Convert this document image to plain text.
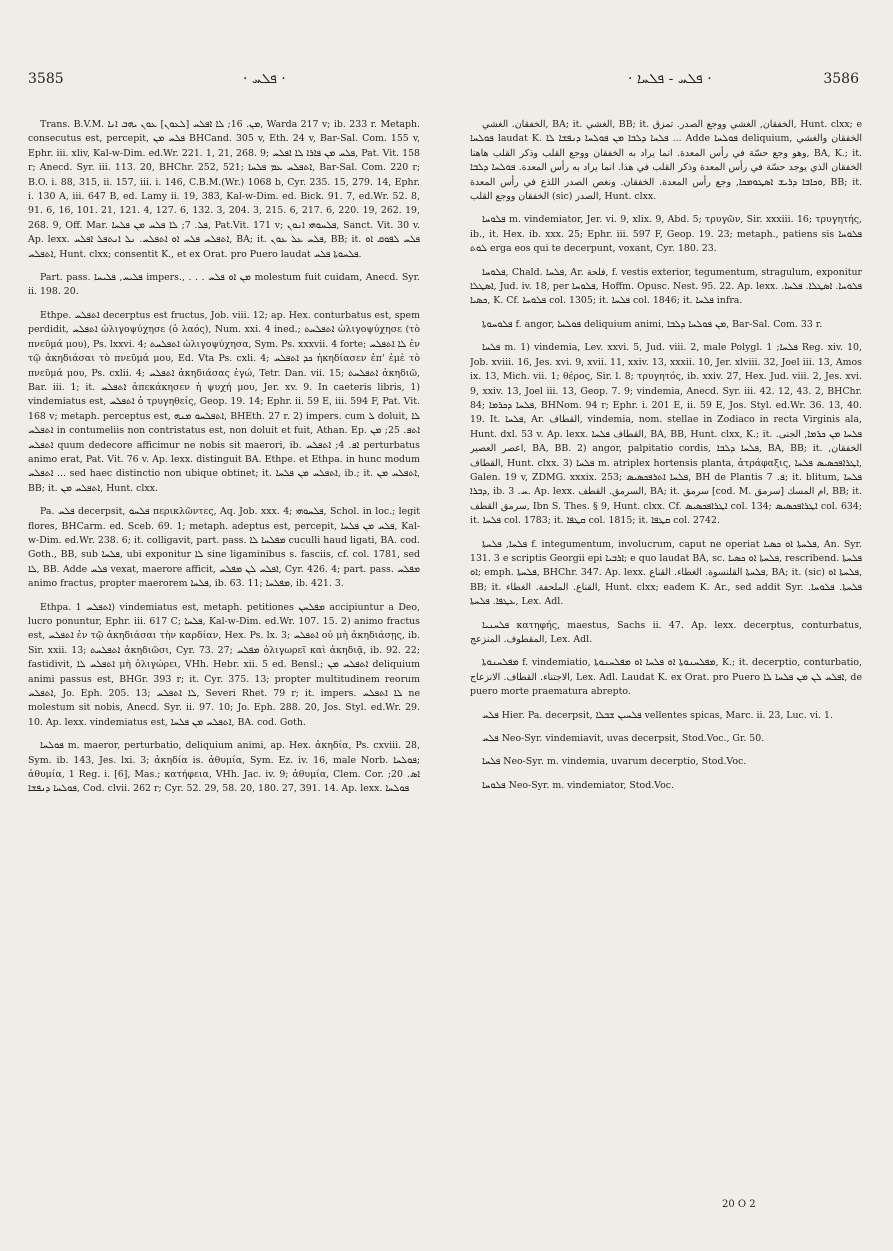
3585	· ܦܠܚ ·	· ܦܠܚ - ܦܠܚܐ ·	3586

Trans. B.V.M. ܡܢ. 16; ܠܐ ܐܦܠܚ [ܠܥܘܢ] ܥܘܢ ܝܗܒ ܐܢܐ, Warda 217 v; ib. 233 r. Metaph. consecutus est, percepit, ܦܠܚ ܡܢ BHCand. 305 v, Eth. 24 v, Bar-Sal. Com. 155 v, Ephr. iii. xliv, Kal-w-Dim. ed.Wr. 221. 1, 21, 268. 9; ܦܠܚ ܡܢ ܦܐܪܐ ܠܐ ܐܦܠܚ, Pat. Vit. 158 r; Anecd. Syr. iii. 113. 20, BHChr. 252, 521; ܐܬܦܠܚ ܥܡ ܦܠܚܐ, Bar-Sal. Com. 220 r; B.O. i. 88, 315, ii. 157, iii. i. 146, C.B.M.(Wr.) 1068 b, Cyr. 235. 15, 279. 14, Ephr. i. 130 A, iii. 647 B, ed. Lamy ii. 19, 383, Kal-w-Dim. ed. Bick. 91. 7, ed.Wr. 52. 8, 91. 6, 16, 101. 21, 121. 4, 127. 6, 132. 3, 204. 3, 215. 6, 217. 6, 220. 19, 262. 19, 268. 9, Off. Mar. ܦܠ. 7; ܠܐ ܦܠܚ ܡܢ ܦܠܚܐ, Pat.Vit. 171 v; ܦܠܚܘܗܝ ܐܢܘܢ, Sanct. Vit. 30 v. Ap. lexx. ܐܬܦܠܚ ܦܠܚ ܐܘ ܐܬܦܠܚ. ܢܠ ܐܢܬܦܠ ܐܦܠܚ, BA; it. ܦܠܚ ܥܠ ܥܘܢ, BB; it. ܦܠܚ ܠܦܘܩ ܐܘ ܐܬܦܠܚ, Hunt. clxx; consentit K., et ex Orat. pro Puero laudat ܦܠܚܘܬܐ ܦܠܚ.

Part. pass. ܦܠܝܚ, ܦܠܝܚܐ impers., . . . ܡܢ ܐܘ ܦܠܚ molestum fuit cuidam, Anecd. Syr. ii. 198. 20.

Ethpe. ܐܬܦܠܚ decerptus est fructus, Job. viii. 12; ap. Hex. conturbatus est, spem perdidit, ܐܬܦܠܚ ὠλιγοψύχησε (ὁ λαός), Num. xxi. 4 ined.; ܐܬܦܠܚܬ ὠλιγοψύχησε (τὸ πνεῦμά μου), Ps. lxxvi. 4; ܐܬܦܠܚܬ ὠλιγοψύχησα, Sym. Ps. xxxvii. 4 forte; ܠܐ ܐܬܦܠܚ ἐν τῷ ἀκηδιάσαι τὸ πνεῦμά μου, Ed. Vta Ps. cxli. 4; ܟܕ ܐܬܦܠܚ ἠκηδίασεν ἐπ' ἐμὲ τὸ πνεῦμά μου, Ps. cxlii. 4; ܐܬܦܠܚ ἀκηδιάσας ἐγώ, Tetr. Dan. vii. 15; ܐܬܦܠܚܬ ἀκηδιῶ, Bar. iii. 1; it. ܐܬܦܠܚ ἀπεκάκησεν ἡ ψυχή μου, Jer. xv. 9. In caeteris libris, 1) vindemiatus est, ܐܬܦܠܚ ὁ τρυγηθείς, Geop. 19. 14; Ephr. ii. 59 E, iii. 594 F, Pat. Vit. 168 v; metaph. perceptus est, ܐܬܦܠܚܘ ܡܢܗ, BHEth. 27 r. 2) impers. cum ܠ doluit, ܠܐ ܐܬܦܠܚ in contumeliis non contristatus est, non doluit et fuit, Athan. Ep. ܐܬܦ. 25; ܡܢ ܐܬܦܠܚ quum dedecore afficimur ne nobis sit maerori, ib. ܐܦ. 4; ܐܬܦܠܚ perturbatus animo erat, Pat. Vit. 76 v. Ap. lexx. distinguit BA. Ethpe. et Ethpa. in hunc modum ܐܬܦܠܚ ... sed haec distinctio non ubique obtinet; it. ܐܬܦܠܚ ܡܢ ܦܠܚܐ, ib.; it. ܐܬܦܠܚ ܡܢ, BB; it. ܐܬܦܠܚ ܡܢ, Hunt. clxx.

Pa. ܦܠܚ decerpsit, ܦܠܚܘ περικλῶντες, Aq. Job. xxx. 4; ܦܠܚܘܗܝ, Schol. in loc.; legit flores, BHCarm. ed. Sceb. 69. 1; metaph. adeptus est, percepit, ܦܠܚ ܡܢ ܦܠܚܐ, Kal-w-Dim. ed.Wr. 238. 6; it. colligavit, part. pass. ܡܦܠܚܐ ܠܐ cuculli haud ligati, BA. cod. Goth., BB, sub ܦܠܚܐ, ubi exponitur ܠܐ sine ligaminibus s. fasciis, cf. col. 1781, sed ܠܐ, BB. Adde ܦܠܚ vexat, maerore afficit, ܐܦܠܚ ܠܢ ܡܦܠܚ, Cyr. 426. 4; part. pass. ܡܦܠܚ animo fractus, propter maerorem ܦܠܚܐ, ib. 63. 11; ܡܦܠܚܐ, ib. 421. 3.

Ethpa. ܐܬܦܠܚ 1) vindemiatus est, metaph. petitiones ܡܦܠܚܢ accipiuntur a Deo, lucro ponuntur, Ephr. iii. 617 C; ܦܠܚܐ, Kal-w-Dim. ed.Wr. 107. 15. 2) animo fractus est, ܐܬܦܠܚ ἐν τῷ ἀκηδιάσαι τὴν καρδίαν, Hex. Ps. lx. 3; ܐܬܦܠܚ οὐ μὴ ἀκηδιάσῃς, ib. Sir. xxii. 13; ܐܬܦܠܚܬ ἀκηδιῶσι, Cyr. 73. 27; ܡܦܠܚ ὀλιγωρεῖ καὶ ἀκηδιᾷ, ib. 92. 22; fastidivit, ܐܬܦܠܚ ܠܐ μὴ ὀλιγώρει, VHh. Hebr. xii. 5 ed. Bensl.; ܐܬܦܠܚ ܡܢ deliquium animi passus est, BHGr. 393 r; it. Cyr. 375. 13; propter multitudinem reorum ܐܬܦܠܚ, Jo. Eph. 205. 13; ܠܐ ܐܬܦܠܚ, Severi Rhet. 79 r; it. impers. ܠܐ ܐܬܦܠܚ ne molestum sit nobis, Anecd. Syr. ii. 97. 10; Jo. Eph. 288. 20, Jos. Styl. ed.Wr. 29. 10. Ap. lexx. vindemiatus est, ܐܬܦܠܚ ܡܢ ܦܠܚܐ, BA. cod. Goth.

ܦܘܠܚܐ m. maeror, perturbatio, deliquium animi, ap. Hex. ἀκηδία, Ps. cxviii. 28, Sym. ib. 143, Jes. lxi. 3; ἀκηδία is. ἀθυμία, Sym. Ez. iv. 16, male Norb. ܦܘܠܚܐ; ἀθυμία, 1 Reg. i. [6], Mas.; κατήφεια, VHh. Jac. iv. 9; ἀθυμία, Clem. Cor. ܐܣ. 20; ܦܘܠܚܐ ܕܢܦܫܐ, Cod. clvii. 262 r; Cyr. 52. 29, 58. 20, 180. 27, 391. 14. Ap. lexx. ܦܘܠܚܐ

الخفقان. الغشي, BA; it. الغشي, BB; it. الخفقان, الغشي ووجع الصدر. تمزق, Hunt. clxx; e ܦܘܠܚܐ laudat K. ܦܠܚܐ ܕܠܒܐ ܡܢ ܦܘܠܚܐ ܕܢܦܫܐ ܠܐ ... Adde ܦܘܠܚܐ deliquium, الخفقان والغشي وهو وجع حسّة في رأس المعدة. انما يراد به الخفقان ووجع القلب وذكر القلب هاهنا, BA, K.; it. الخفقان الذي يوجد حسّة في رأس المعدة وذكر القلب في هذا. انما يراد به رأس المعدة. ܦܘܠܚܐ ܕܠܒܐ ܘܟܐܒܐ ܕܪܝܫ ܐܣܛܘܡܟܐ, وجع رأس المعدة. الخفقان. ونغص الصدر اللذع في رأس المعدة, BB; it. الخفقان ووجع القلب (sic) الصدر, Hunt. clxx.

ܦܠܘܚܐ m. vindemiator, Jer. vi. 9, xlix. 9, Abd. 5; τρυγῶν, Sir. xxxiii. 16; τρυγητής, ib., it. Hex. ib. xxx. 25; Ephr. iii. 597 F, Geop. 19. 23; metaph., patiens sis ܦܠܘܚܐ ܠܘܬ erga eos qui te decerpunt, voxant, Cyr. 180. 23.

ܦܠܘܚܐ, Chald. ܦܠܚܐ, Ar. فلحة, f. vestis exterior, tegumentum, stragulum, exponitur ܐܣܛܠܐ, Jud. iv. 18, per ܦܠܘܚܐ, Hoffm. Opusc. Nest. 95. 22. Ap. lexx. ܦܠܘܚܐ. ܐܣܛܠܐ. ܦܠܚܐ. ܟܣܝܐ, K. Cf. ܦܠܘܚܐ col. 1305; it. ܦܠܚܐ col. 1846; it. ܦܠܚܐ infra.

ܦܠܘܚܘܬܐ f. angor, ܦܘܠܚܐ deliquium animi, ܡܢ ܦܘܠܚܐ ܕܠܒܐ, Bar-Sal. Com. 33 r.

ܦܠܚܐ m. 1) vindemia, Lev. xxvi. 5, Jud. viii. 2, male Polygl. ܦܠܚܐ; 1 Reg. xiv. 10, Job. xviii. 16, Jes. xvi. 9, xvii. 11, xxiv. 13, xxxii. 10, Jer. xlviii. 32, Joel iii. 13, Amos ix. 13, Mich. vii. 1; θέρος, Sir. l. 8; τρυγητός, ib. xxiv. 27, Hex. Jud. viii. 2, Jes. xvi. 9, xxiv. 13, Joel iii. 13, Geop. 7. 9; vindemia, Anecd. Syr. iii. 42. 12, 43. 2, BHChr. 84; ܦܠܚܐ ܕܟܪܡܐ, BHNom. 94 r; Ephr. i. 201 E, ii. 59 E, Jos. Styl. ed.Wr. 36. 13, 40. 19. It. ܦܠܚܐ, Ar. القطاف, vindemia, nom. stellae in Zodiaco in recta Virginis ala, Hunt. dxl. 53 v. Ap. lexx. القطاف ܦܠܚܐ, BA, BB, Hunt. clxx, K.; it. ܦܠܚܐ ܡܢ ܟܪܡܐ, الجنى. اعصر العصير, BA, BB. 2) angor, palpitatio cordis, ܦܠܚܐ ܕܠܒܐ, BA, BB; it. الخفقان, القطاف, Hunt. clxx. 3) ܦܠܚܐ m. atriplex hortensis planta, ἀτράφαξις, ܐܛܪܐܦܟܣܝܣ ܦܠܚܐ, Galen. 19 v, ZDMG. xxxix. 253; ܦܠܚܐ ܐܬܪܦܟܣܝܣ, BH de Plantis ܦ. 7; it. blitum, ܦܠܚܐ ܕܒܪܐ, ib. ܚ. 3. Ap. lexx. السرمق. القطف, BA; it. سرمق [cod. M. سرمق] ام المسك, BB; it. سرمق القطف, Ibn S. Thes. § 9, Hunt. clxx. Cf. ܐܛܪܐܦܟܣܝܣ col. 134; ܐܛܪܐܦܟܣܝܣ col. 634; it. ܦܠܚܐ col. 1783; it. ܩܛܦܐ col. 1815; it. ܩܛܦܐ col. 2742.

ܦܠܚܐ, ܦܠܚܬܐ f. integumentum, involucrum, caput ne operiat ܦܠܚܬܐ ܐܘ ܟܣܝܐ, An. Syr. 131. 3 e scriptis Georgii epi ܐܪܒܝܐ; e quo laudat BA, sc. ܦܠܚܬܐ ܐܘ ܟܣܝܐ, rescribend. ܦܠܚܬܐ ܐܘ; emph. ܦܠܚܬܐ, BHChr. 347. Ap. lexx. ܦܠܚܬܐ القلنسوة. الغطاء. القناع, BA; it. (sic) ܦܠܚܬܐ ܐܘ, BB; it. القناع. الملحفة. الغطاء, Hunt. clxx; eadem K. Ar., sed addit Syr. ܦܠܚܬܐ. ܦܠܘܚܐ. ܥܛܦܐ. ܦܠܚܬܐ, Lex. Adl.

ܦܠܚܢܝܐ κατηφής, maestus, Sachs ii. 47. Ap. lexx. decerptus, conturbatus, المقطوف. المنزعج, Lex. Adl.

ܡܦܠܚܢܘܬܐ f. vindemiatio, ܡܦܠܚܢܘܬܐ ܐܘ ܦܠܚܐ ܐܘ ܡܦܠܚܢܘܬܐ, K.; it. decerptio, conturbatio, الاجتناء. القطاف. الانزعاج, Lex. Adl. Laudat K. ex Orat. pro Puero ܐܦܠܚ ܠܢ ܡܢ ܦܠܚܐ ܠܐ, de puero morte praematura abrepto.

ܦܠܚ Hier. Pa. decerpsit, ܦܠܚܝܢ ܫܒܠܐ vellentes spicas, Marc. ii. 23, Luc. vi. 1.

ܦܠܚ Neo-Syr. vindemiavit, uvas decerpsit, Stod.Voc., Gr. 50.

ܦܠܚܐ Neo-Syr. m. vindemia, uvarum decerptio, Stod.Voc.

ܦܠܘܚܐ Neo-Syr. m. vindemiator, Stod.Voc.

20 O 2
